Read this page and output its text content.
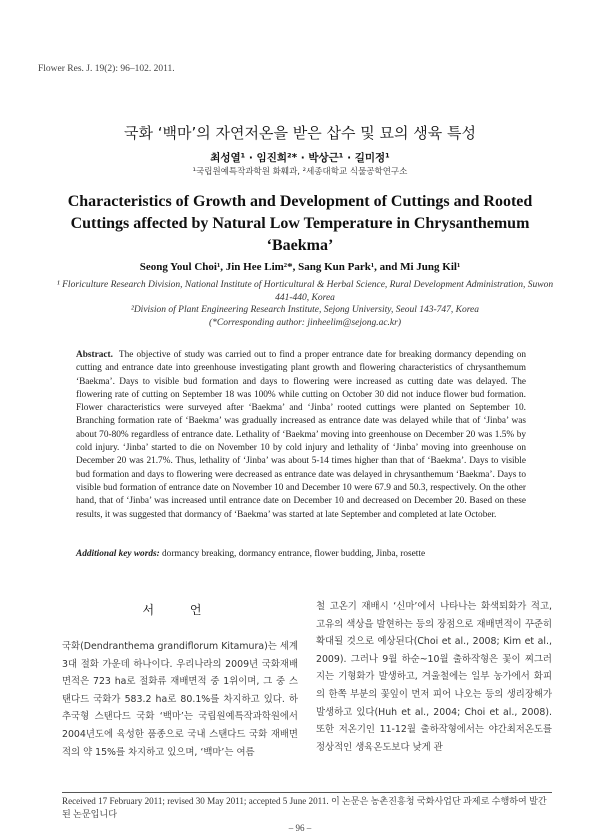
Flower Res. J. 19(2): 96–102. 2011.
국화 ‘백마’의 자연저온을 받은 삽수 및 묘의 생육 특성
최성열¹ · 임진희²* · 박상근¹ · 길미정¹
¹국립원예특작과학원 화훼과, ²세종대학교 식물공학연구소
Characteristics of Growth and Development of Cuttings and Rooted Cuttings affected by Natural Low Temperature in Chrysanthemum ‘Baekma’
Seong Youl Choi¹, Jin Hee Lim²*, Sang Kun Park¹, and Mi Jung Kil¹
¹ Floriculture Research Division, National Institute of Horticultural & Herbal Science, Rural Development Administration, Suwon 441-440, Korea
²Division of Plant Engineering Research Institute, Sejong University, Seoul 143-747, Korea
(*Corresponding author: jinheelim@sejong.ac.kr)
Abstract. The objective of study was carried out to find a proper entrance date for breaking dormancy depending on cutting and entrance date into greenhouse investigating plant growth and flowering characteristics of chrysanthemum ‘Baekma’. Days to visible bud formation and days to flowering were increased as cutting date was delayed. The flowering rate of cutting on September 18 was 100% while cutting on October 30 did not induce flower bud formation. Flower characteristics were surveyed after ‘Baekma’ and ‘Jinba’ rooted cuttings were planted on September 10. Branching formation rate of ‘Baekma’ was gradually increased as entrance date was delayed while that of ‘Jinba’ was about 70-80% regardless of entrance date. Lethality of ‘Baekma’ moving into greenhouse on December 20 was 1.5% by cold injury. ‘Jinba’ started to die on November 10 by cold injury and lethality of ‘Jinba’ moving into greenhouse on December 20 was 21.7%. Thus, lethality of ‘Jinba’ was about 5-14 times higher than that of ‘Baekma’. Days to visible bud formation and days to flowering were decreased as entrance date was delayed in chrysanthemum ‘Baekma’. Days to visible bud formation of entrance date on November 10 and December 10 were 67.9 and 50.3, respectively. On the other hand, that of ‘Jinba’ was increased until entrance date on December 10 and decreased on December 20. Based on these results, it was suggested that dormancy of ‘Baekma’ was started at late September and completed at late October.
Additional key words: dormancy breaking, dormancy entrance, flower budding, Jinba, rosette
서 언
국화(Dendranthema grandiflorum Kitamura)는 세계 3대 절화 가운데 하나이다. 우리나라의 2009년 국화재배면적은 723 ha로 절화류 재배면적 중 1위이며, 그 중 스탠다드 국화가 583.2 ha로 80.1%를 차지하고 있다. 하추국형 스탠다드 국화 ‘백마’는 국립원예특작과학원에서 2004년도에 육성한 품종으로 국내 스탠다드 국화 재배면적의 약 15%를 차지하고 있으며, ‘백마’는 여름
철 고온기 재배시 ‘신마’에서 나타나는 화색퇴화가 적고, 고유의 색상을 발현하는 등의 장점으로 재배면적이 꾸준히 확대될 것으로 예상된다(Choi et al., 2008; Kim et al., 2009). 그러나 9월 하순~10월 출하작형은 꽃이 찌그러지는 기형화가 발생하고, 겨울철에는 일부 농가에서 화피의 한쪽 부분의 꽃잎이 먼저 피어 나오는 등의 생리장해가 발생하고 있다(Huh et al., 2004; Choi et al., 2008). 또한 저온기인 11-12월 출하작형에서는 야간최저온도를 정상적인 생육온도보다 낮게 관
Received 17 February 2011; revised 30 May 2011; accepted 5 June 2011. 이 논문은 농촌진흥청 국화사업단 과제로 수행하여 발간된 논문입니다
– 96 –
